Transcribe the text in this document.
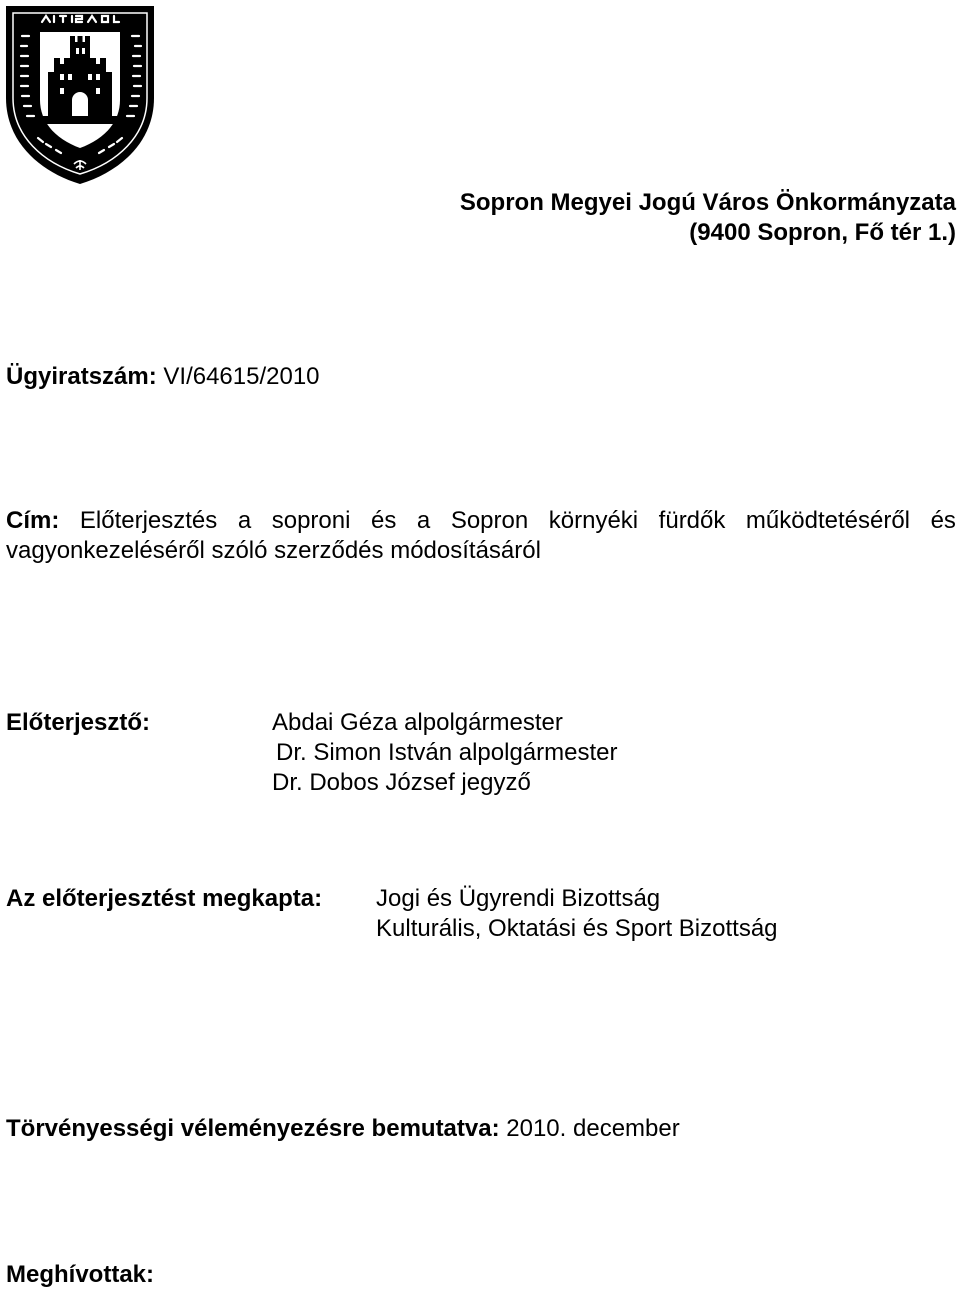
Sopron Megyei Jogú Város Önkormányzata
(9400 Sopron, Fő tér 1.)
Ügyiratszám: VI/64615/2010
Cím: Előterjesztés a soproni és a Sopron környéki fürdők működtetéséről és
vagyonkezeléséről szóló szerződés módosításáról
Előterjesztő:	Abdai Géza alpolgármester
Dr. Simon István alpolgármester
Dr. Dobos József jegyző
Az előterjesztést megkapta: Jogi és Ügyrendi Bizottság
Kulturális, Oktatási és Sport Bizottság
Törvényességi véleményezésre bemutatva: 2010. december
Meghívottak:
